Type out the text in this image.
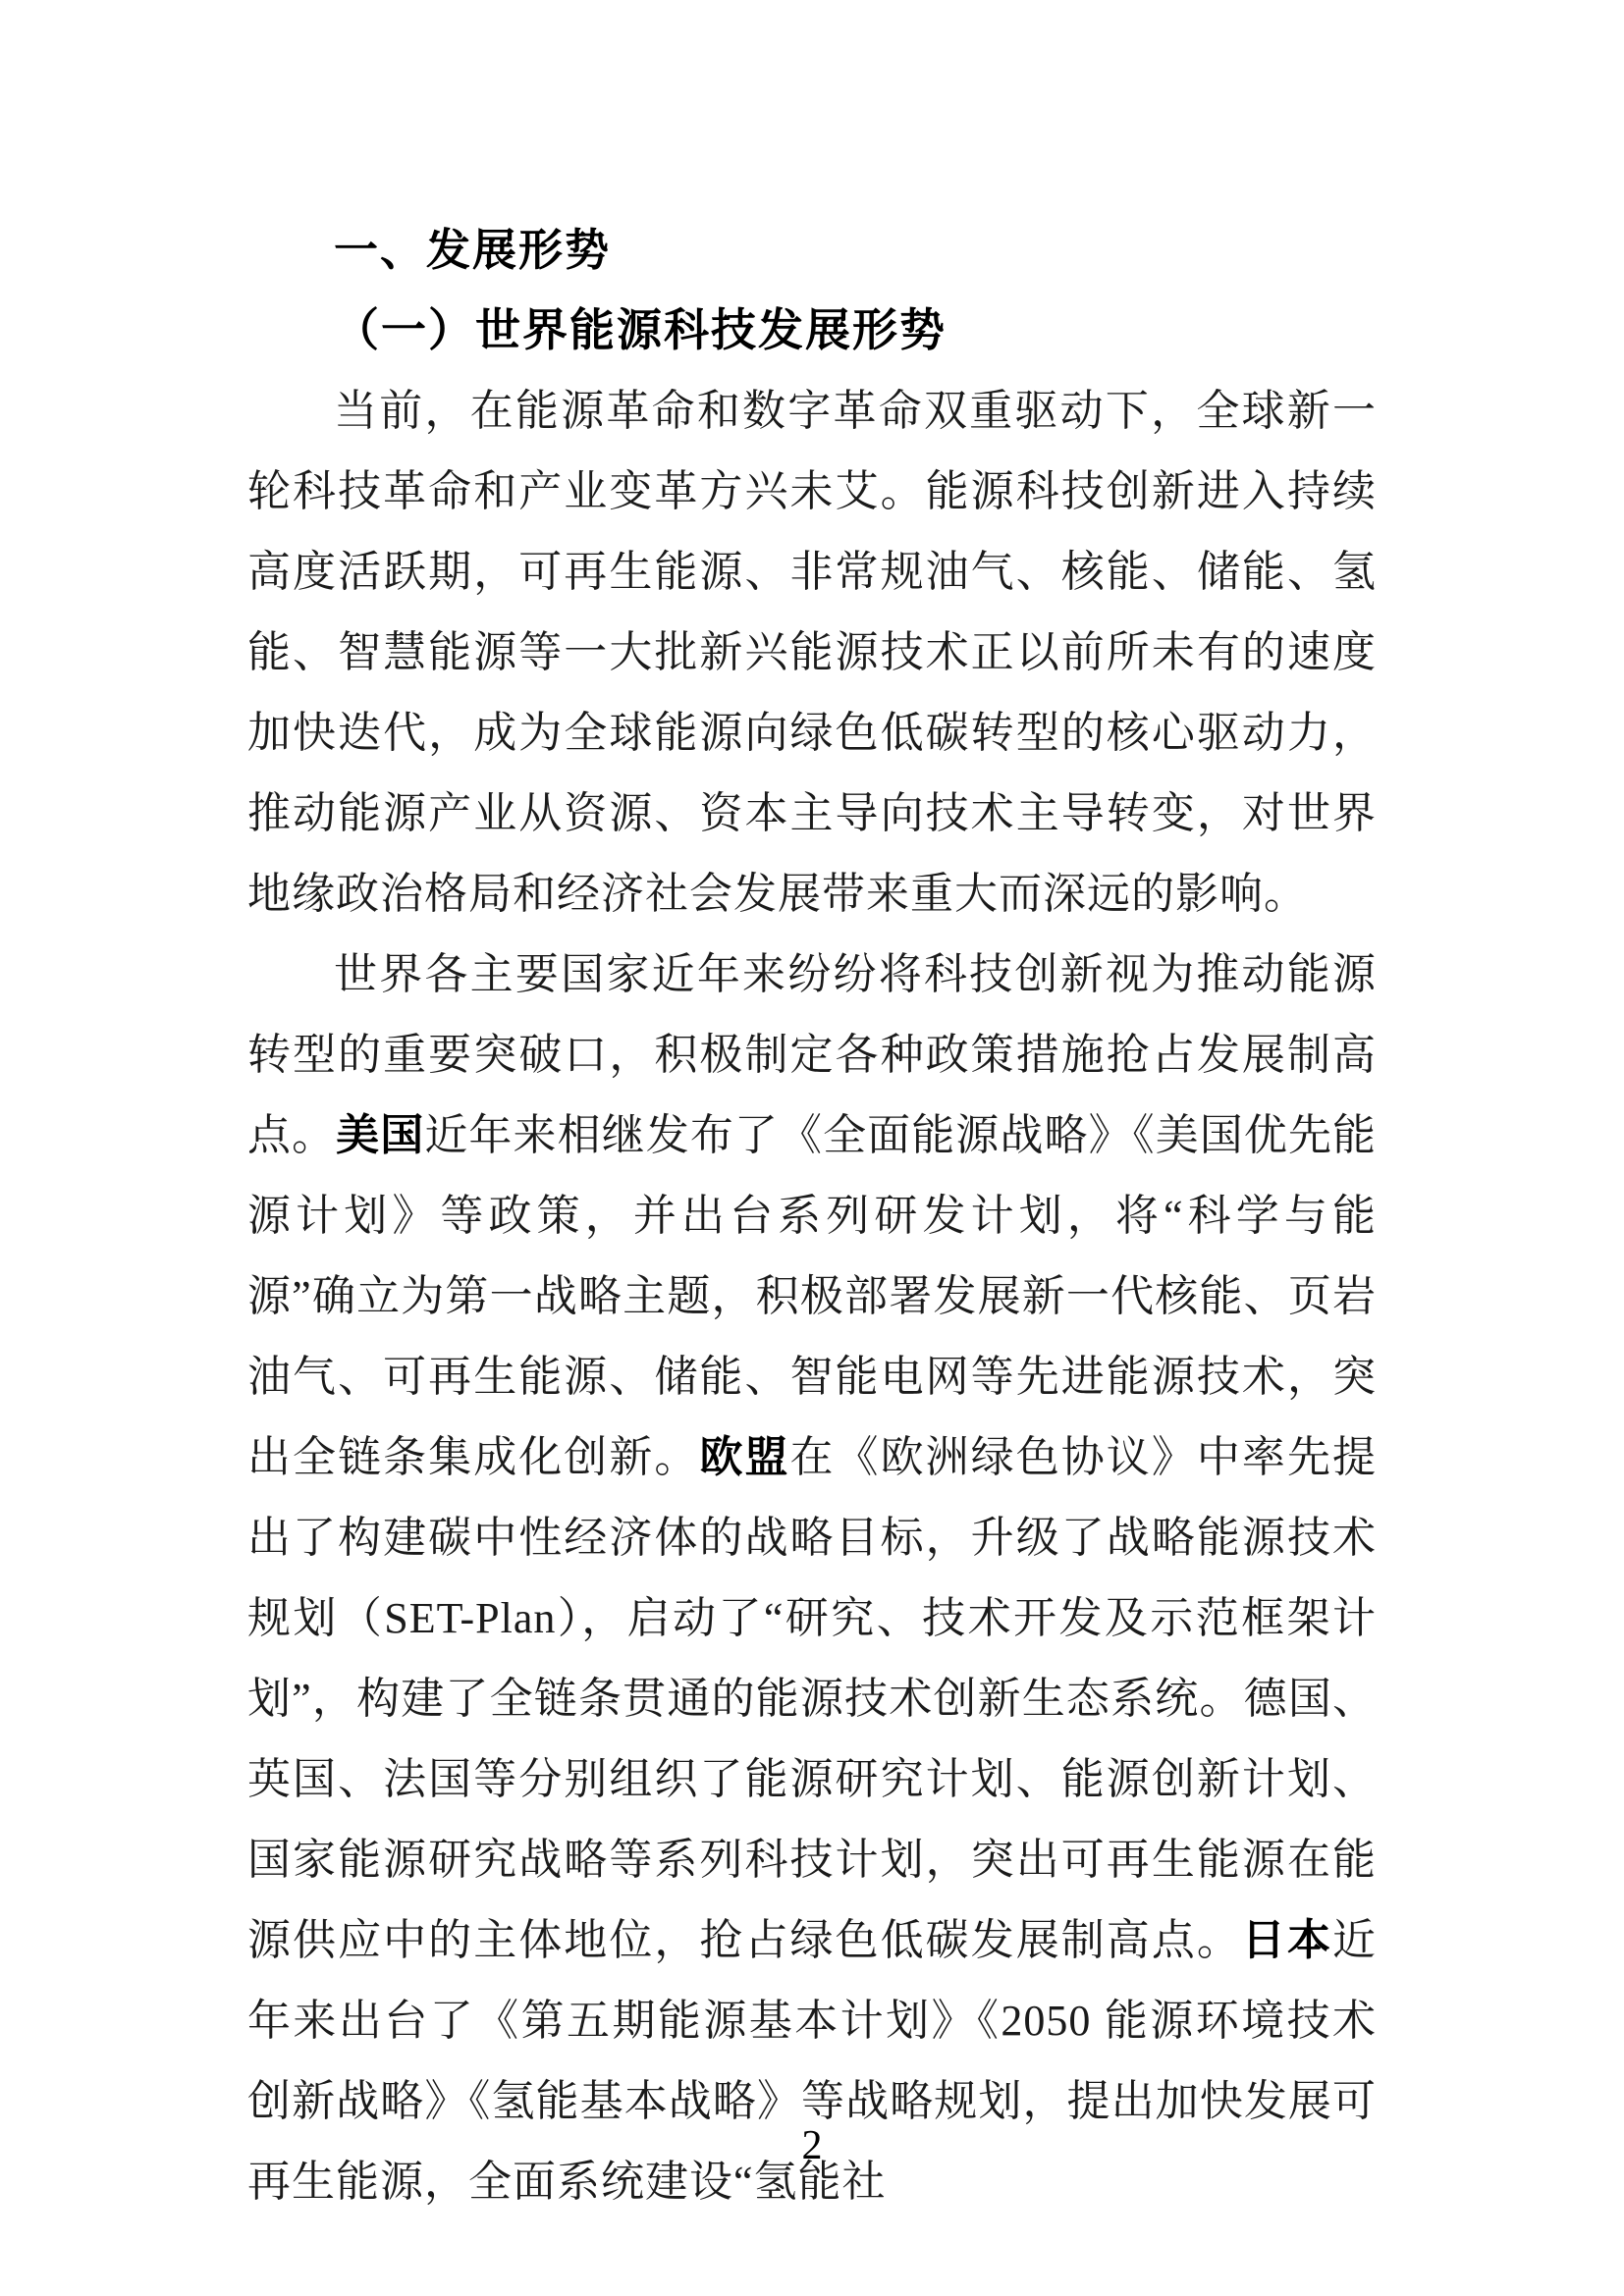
一、发展形势
（一）世界能源科技发展形势

当前，在能源革命和数字革命双重驱动下，全球新一轮科技革命和产业变革方兴未艾。能源科技创新进入持续高度活跃期，可再生能源、非常规油气、核能、储能、氢能、智慧能源等一大批新兴能源技术正以前所未有的速度加快迭代，成为全球能源向绿色低碳转型的核心驱动力，推动能源产业从资源、资本主导向技术主导转变，对世界地缘政治格局和经济社会发展带来重大而深远的影响。

世界各主要国家近年来纷纷将科技创新视为推动能源转型的重要突破口，积极制定各种政策措施抢占发展制高点。美国近年来相继发布了《全面能源战略》《美国优先能源计划》等政策，并出台系列研发计划，将“科学与能源”确立为第一战略主题，积极部署发展新一代核能、页岩油气、可再生能源、储能、智能电网等先进能源技术，突出全链条集成化创新。欧盟在《欧洲绿色协议》中率先提出了构建碳中性经济体的战略目标，升级了战略能源技术规划（SET-Plan），启动了“研究、技术开发及示范框架计划”，构建了全链条贯通的能源技术创新生态系统。德国、英国、法国等分别组织了能源研究计划、能源创新计划、国家能源研究战略等系列科技计划，突出可再生能源在能源供应中的主体地位，抢占绿色低碳发展制高点。日本近年来出台了《第五期能源基本计划》《2050 能源环境技术创新战略》《氢能基本战略》等战略规划，提出加快发展可再生能源，全面系统建设“氢能社

2
